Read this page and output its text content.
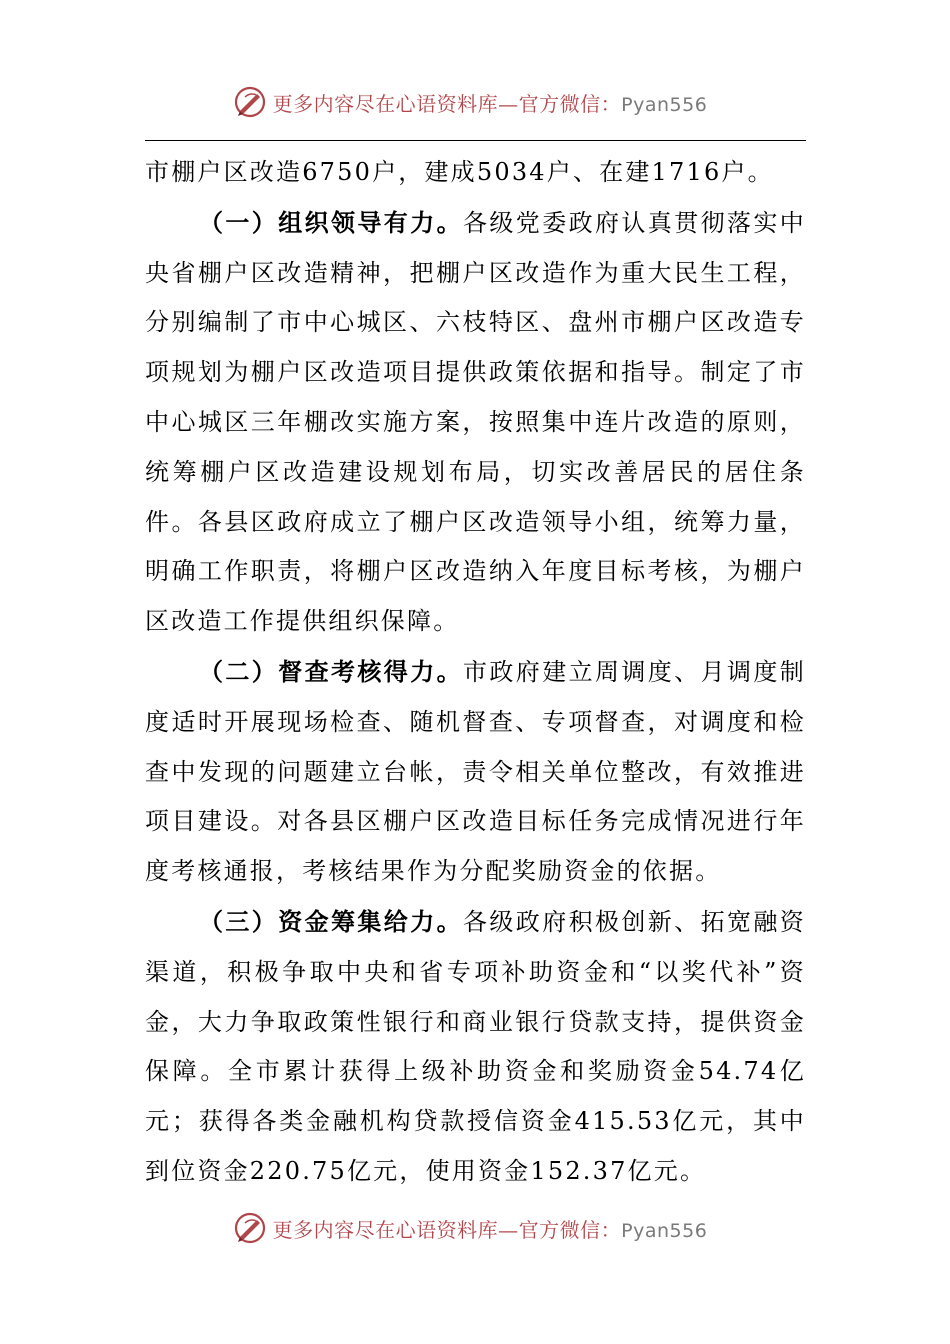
更多内容尽在心语资料库—官方微信：Pyan556

市棚户区改造6750户，建成5034户、在建1716户。

（一）组织领导有力。各级党委政府认真贯彻落实中央省棚户区改造精神，把棚户区改造作为重大民生工程，分别编制了市中心城区、六枝特区、盘州市棚户区改造专项规划为棚户区改造项目提供政策依据和指导。制定了市中心城区三年棚改实施方案，按照集中连片改造的原则，统筹棚户区改造建设规划布局，切实改善居民的居住条件。各县区政府成立了棚户区改造领导小组，统筹力量，明确工作职责，将棚户区改造纳入年度目标考核，为棚户区改造工作提供组织保障。

（二）督查考核得力。市政府建立周调度、月调度制度适时开展现场检查、随机督查、专项督查，对调度和检查中发现的问题建立台帐，责令相关单位整改，有效推进项目建设。对各县区棚户区改造目标任务完成情况进行年度考核通报，考核结果作为分配奖励资金的依据。

（三）资金筹集给力。各级政府积极创新、拓宽融资渠道，积极争取中央和省专项补助资金和“以奖代补”资金，大力争取政策性银行和商业银行贷款支持，提供资金保障。全市累计获得上级补助资金和奖励资金54.74亿元；获得各类金融机构贷款授信资金415.53亿元，其中到位资金220.75亿元，使用资金152.37亿元。

更多内容尽在心语资料库—官方微信：Pyan556
